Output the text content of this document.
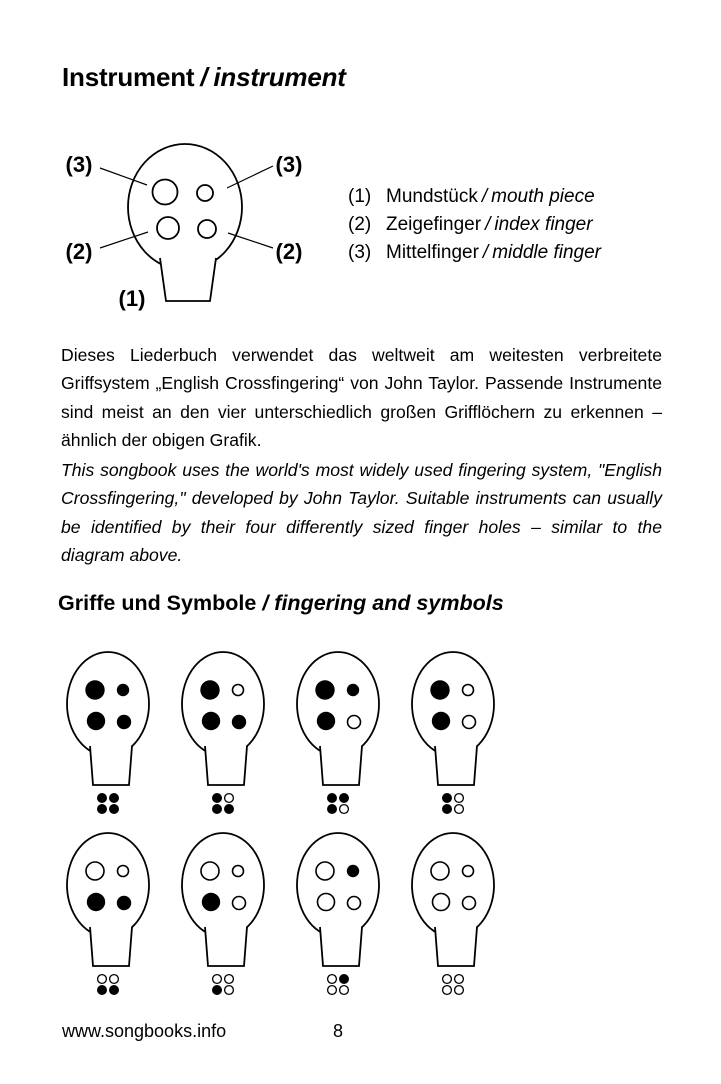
Instrument / instrument
(3)	(3)
(2)	(2)
(1)
(1) Mundstück / mouth piece
(2) Zeigefinger / index finger
(3) Mittelfinger / middle finger

Dieses Liederbuch verwendet das weltweit am weitesten verbreitete Griffsystem „English Crossfingering“ von John Taylor. Passende Instrumente sind meist an den vier unterschiedlich großen Grifflöchern zu erkennen – ähnlich der obigen Grafik.

This songbook uses the world's most widely used fingering system, "English Crossfingering," developed by John Taylor. Suitable instruments can usually be identified by their four differently sized finger holes – similar to the diagram above.

Griffe und Symbole / fingering and symbols
www.songbooks.info	8
